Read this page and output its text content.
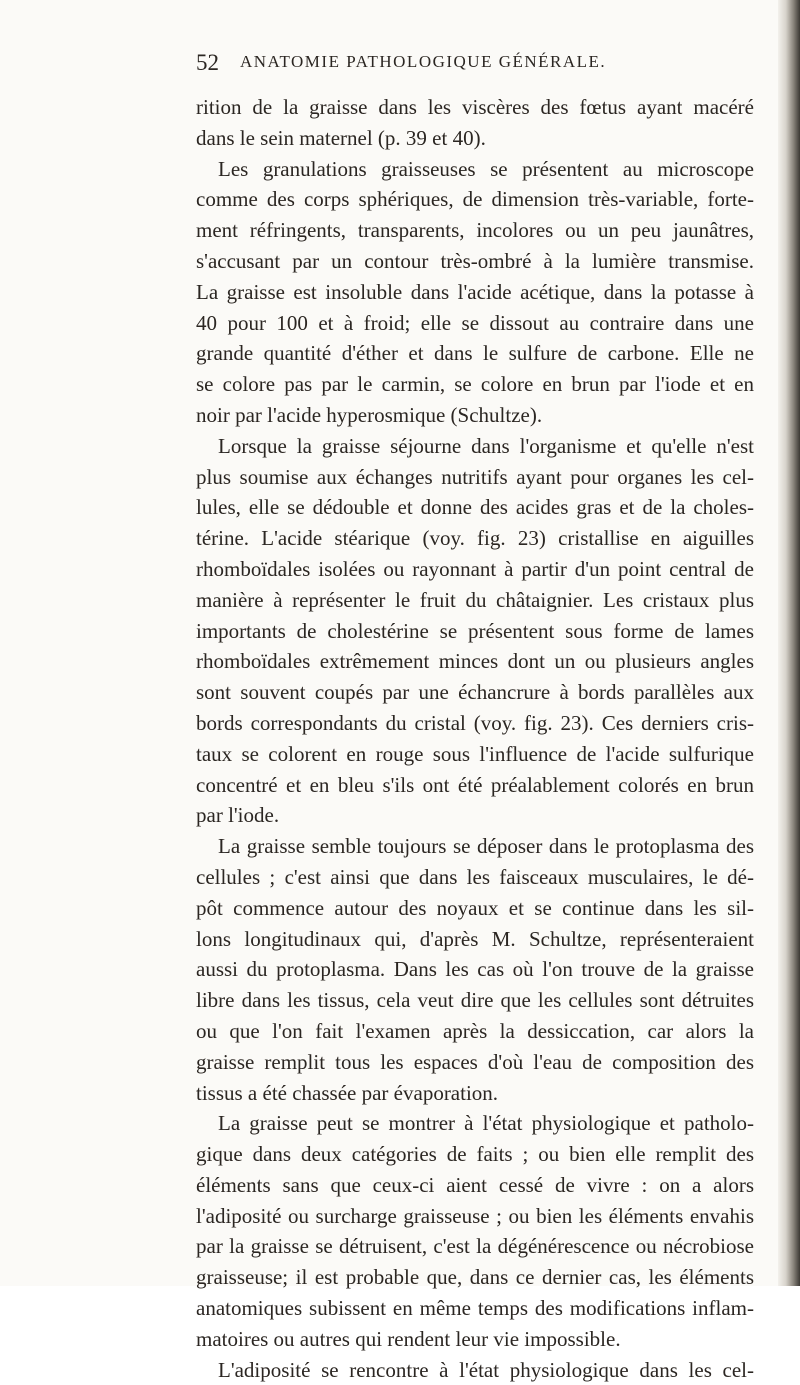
52 ANATOMIE PATHOLOGIQUE GÉNÉRALE.
rition de la graisse dans les viscères des fœtus ayant macéré
dans le sein maternel (p. 39 et 40).
Les granulations graisseuses se présentent au microscope
comme des corps sphériques, de dimension très-variable, forte-
ment réfringents, transparents, incolores ou un peu jaunâtres,
s'accusant par un contour très-ombré à la lumière transmise.
La graisse est insoluble dans l'acide acétique, dans la potasse à
40 pour 100 et à froid; elle se dissout au contraire dans une
grande quantité d'éther et dans le sulfure de carbone. Elle ne
se colore pas par le carmin, se colore en brun par l'iode et en
noir par l'acide hyperosmique (Schultze).
Lorsque la graisse séjourne dans l'organisme et qu'elle n'est
plus soumise aux échanges nutritifs ayant pour organes les cel-
lules, elle se dédouble et donne des acides gras et de la choles-
térine. L'acide stéarique (voy. fig. 23) cristallise en aiguilles
rhomboïdales isolées ou rayonnant à partir d'un point central de
manière à représenter le fruit du châtaignier. Les cristaux plus
importants de cholestérine se présentent sous forme de lames
rhomboïdales extrêmement minces dont un ou plusieurs angles
sont souvent coupés par une échancrure à bords parallèles aux
bords correspondants du cristal (voy. fig. 23). Ces derniers cris-
taux se colorent en rouge sous l'influence de l'acide sulfurique
concentré et en bleu s'ils ont été préalablement colorés en brun
par l'iode.
La graisse semble toujours se déposer dans le protoplasma des
cellules ; c'est ainsi que dans les faisceaux musculaires, le dé-
pôt commence autour des noyaux et se continue dans les sil-
lons longitudinaux qui, d'après M. Schultze, représenteraient
aussi du protoplasma. Dans les cas où l'on trouve de la graisse
libre dans les tissus, cela veut dire que les cellules sont détruites
ou que l'on fait l'examen après la dessiccation, car alors la
graisse remplit tous les espaces d'où l'eau de composition des
tissus a été chassée par évaporation.
La graisse peut se montrer à l'état physiologique et patholo-
gique dans deux catégories de faits ; ou bien elle remplit des
éléments sans que ceux-ci aient cessé de vivre : on a alors
l'adiposité ou surcharge graisseuse ; ou bien les éléments envahis
par la graisse se détruisent, c'est la dégénérescence ou nécrobiose
graisseuse; il est probable que, dans ce dernier cas, les éléments
anatomiques subissent en même temps des modifications inflam-
matoires ou autres qui rendent leur vie impossible.
L'adiposité se rencontre à l'état physiologique dans les cel-
